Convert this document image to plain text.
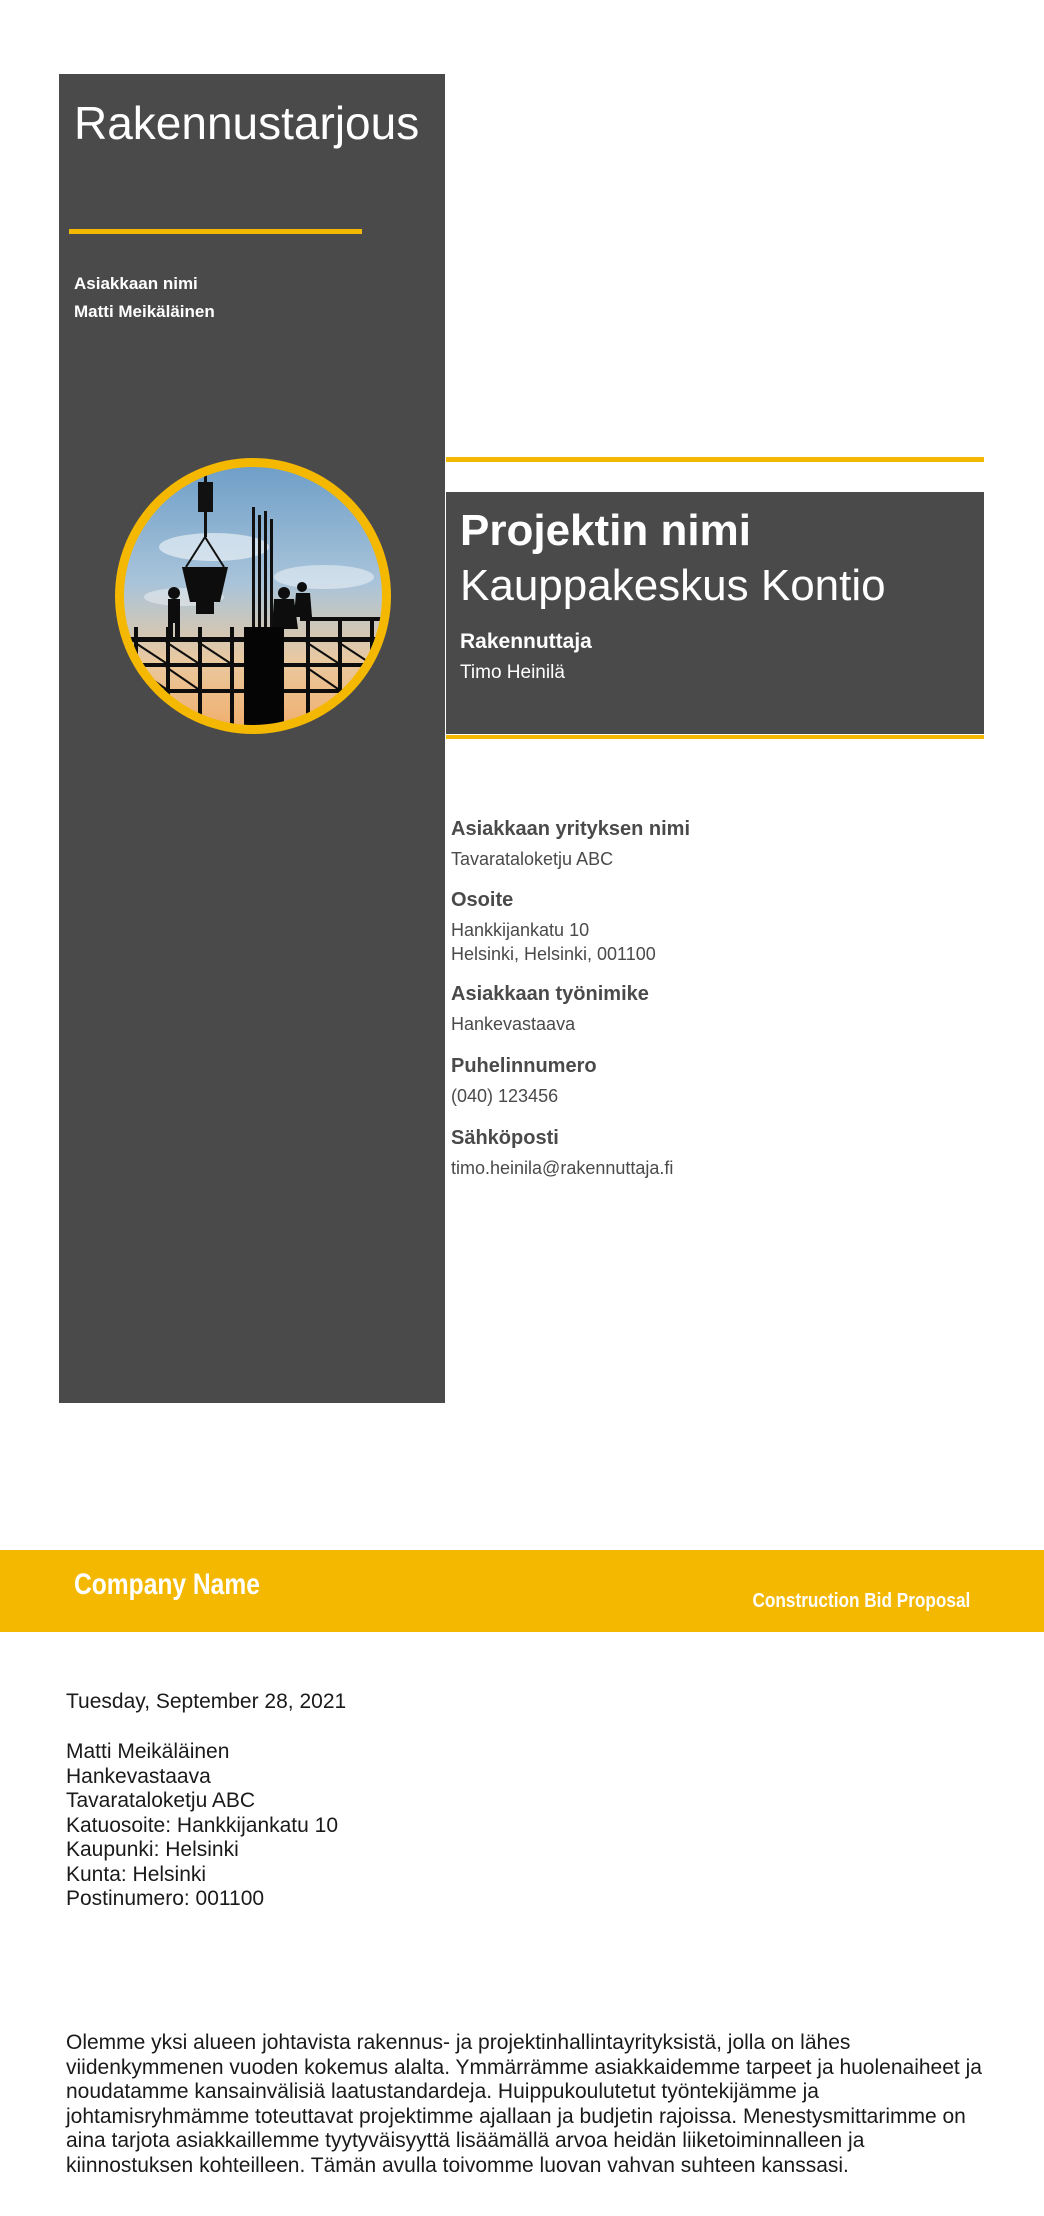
Rakennustarjous
Asiakkaan nimi
Matti Meikäläinen
Projektin nimi
Kauppakeskus Kontio
Rakennuttaja
Timo Heinilä
Asiakkaan yrityksen nimi
Tavarataloketju ABC
Osoite
Hankkijankatu 10
Helsinki, Helsinki, 001100
Asiakkaan työnimike
Hankevastaava
Puhelinnumero
(040) 123456
Sähköposti
timo.heinila@rakennuttaja.fi
Company Name	Construction Bid Proposal
Tuesday, September 28, 2021
Matti Meikäläinen
Hankevastaava
Tavarataloketju ABC
Katuosoite: Hankkijankatu 10
Kaupunki: Helsinki
Kunta: Helsinki
Postinumero: 001100
Olemme yksi alueen johtavista rakennus- ja projektinhallintayrityksistä, jolla on lähes viidenkymmenen vuoden kokemus alalta. Ymmärrämme asiakkaidemme tarpeet ja huolenaiheet ja noudatamme kansainvälisiä laatustandardeja. Huippukoulutetut työntekijämme ja johtamisryhmämme toteuttavat projektimme ajallaan ja budjetin rajoissa. Menestysmittarimme on aina tarjota asiakkaillemme tyytyväisyyttä lisäämällä arvoa heidän liiketoiminnalleen ja kiinnostuksen kohteilleen. Tämän avulla toivomme luovan vahvan suhteen kanssasi.
